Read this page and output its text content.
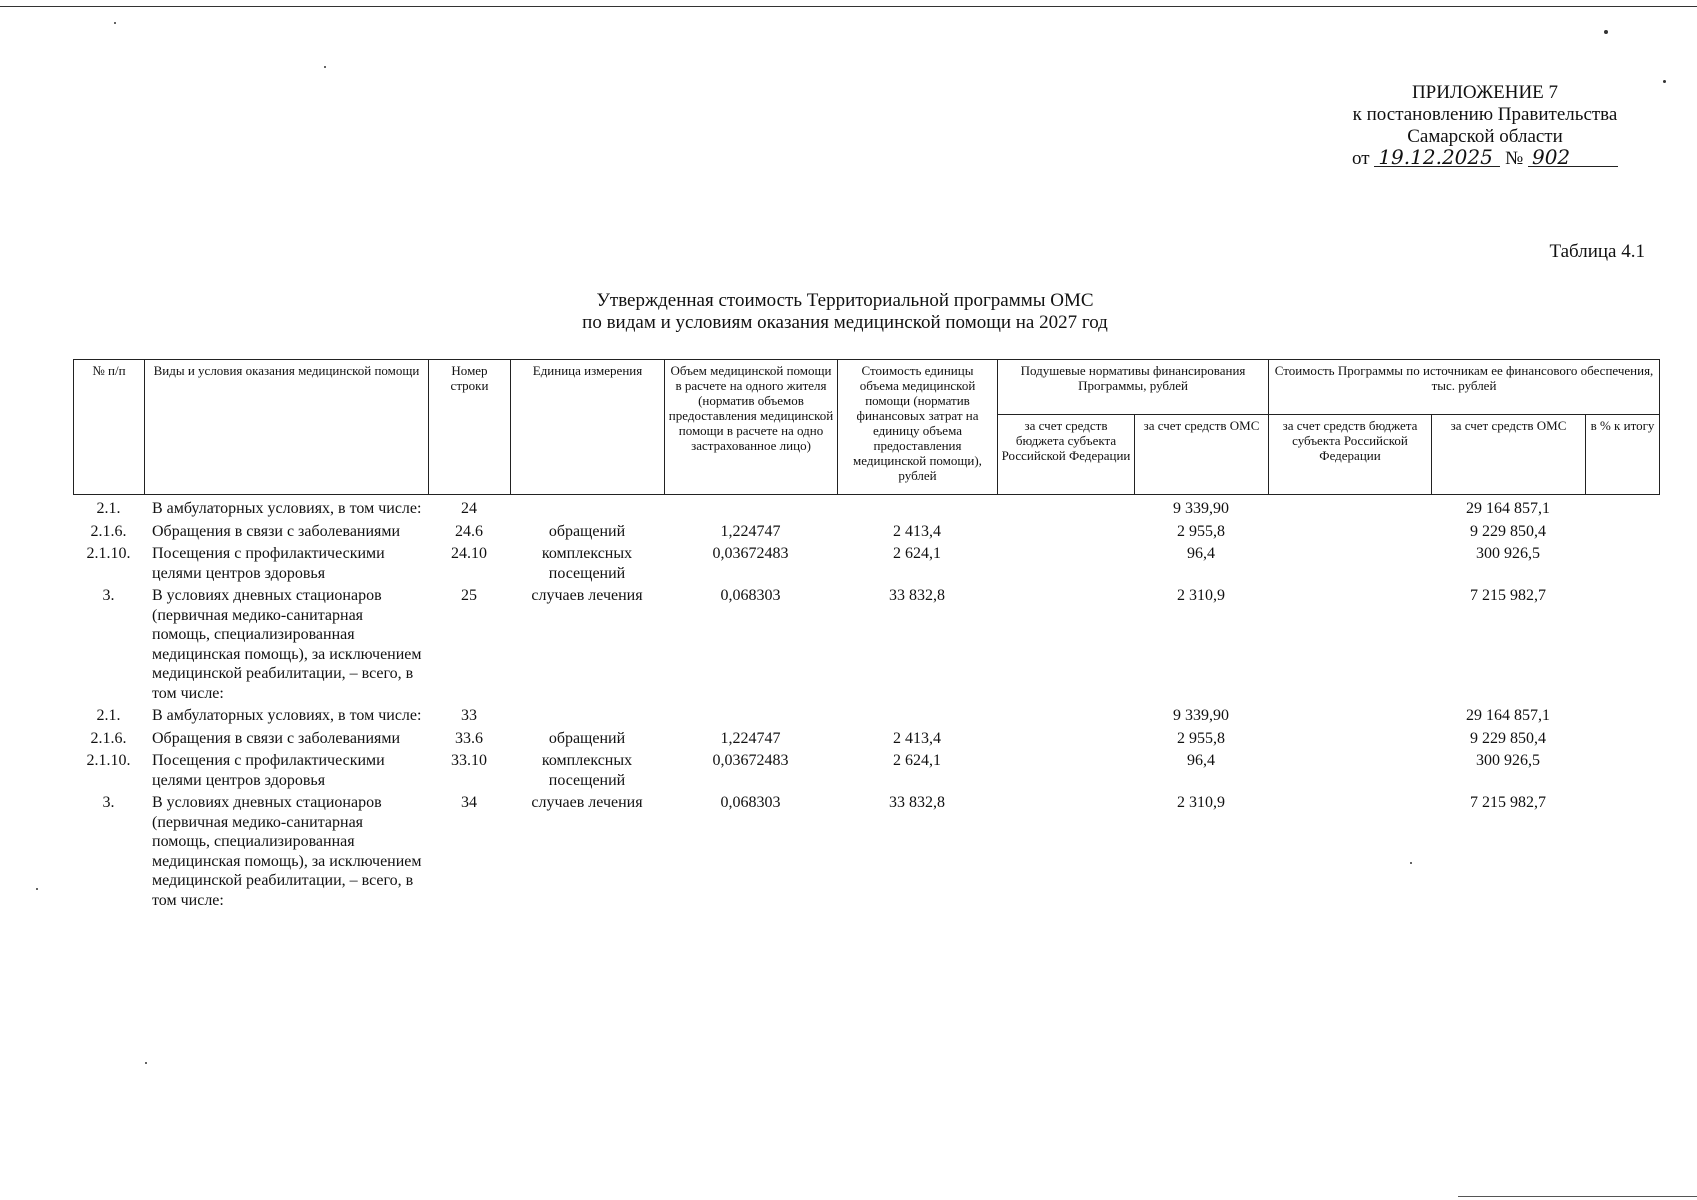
ПРИЛОЖЕНИЕ 7
к постановлению Правительства
Самарской области
от 19.12.2025 № 902
Таблица 4.1
Утвержденная стоимость Территориальной программы ОМС
по видам и условиям оказания медицинской помощи на 2027 год
№ п/п	Виды и условия оказания медицинской помощи	Номер строки	Единица измерения	Объем медицинской помощи в расчете на одного жителя (норматив объемов предоставления медицинской помощи в расчете на одно застрахованное лицо)	Стоимость единицы объема медицинской помощи (норматив финансовых затрат на единицу объема предоставления медицинской помощи), рублей	Подушевые нормативы финансирования Программы, рублей		Стоимость Программы по источникам ее финансового обеспечения, тыс. рублей		
						за счет средств бюджета субъекта Российской Федерации	за счет средств ОМС	за счет средств бюджета субъекта Российской Федерации	за счет средств ОМС	в % к итогу
2.1.	В амбулаторных условиях, в том числе:	24					9 339,90		29 164 857,1	
2.1.6.	Обращения в связи с заболеваниями	24.6	обращений	1,224747	2 413,4		2 955,8		9 229 850,4	
2.1.10.	Посещения с профилактическими целями центров здоровья	24.10	комплексных посещений	0,03672483	2 624,1		96,4		300 926,5	
3.	В условиях дневных стационаров (первичная медико-санитарная помощь, специализированная медицинская помощь), за исключением медицинской реабилитации, – всего, в том числе:	25	случаев лечения	0,068303	33 832,8		2 310,9		7 215 982,7	
2.1.	В амбулаторных условиях, в том числе:	33					9 339,90		29 164 857,1	
2.1.6.	Обращения в связи с заболеваниями	33.6	обращений	1,224747	2 413,4		2 955,8		9 229 850,4	
2.1.10.	Посещения с профилактическими целями центров здоровья	33.10	комплексных посещений	0,03672483	2 624,1		96,4		300 926,5	
3.	В условиях дневных стационаров (первичная медико-санитарная помощь, специализированная медицинская помощь), за исключением медицинской реабилитации, – всего, в том числе:	34	случаев лечения	0,068303	33 832,8		2 310,9		7 215 982,7	
